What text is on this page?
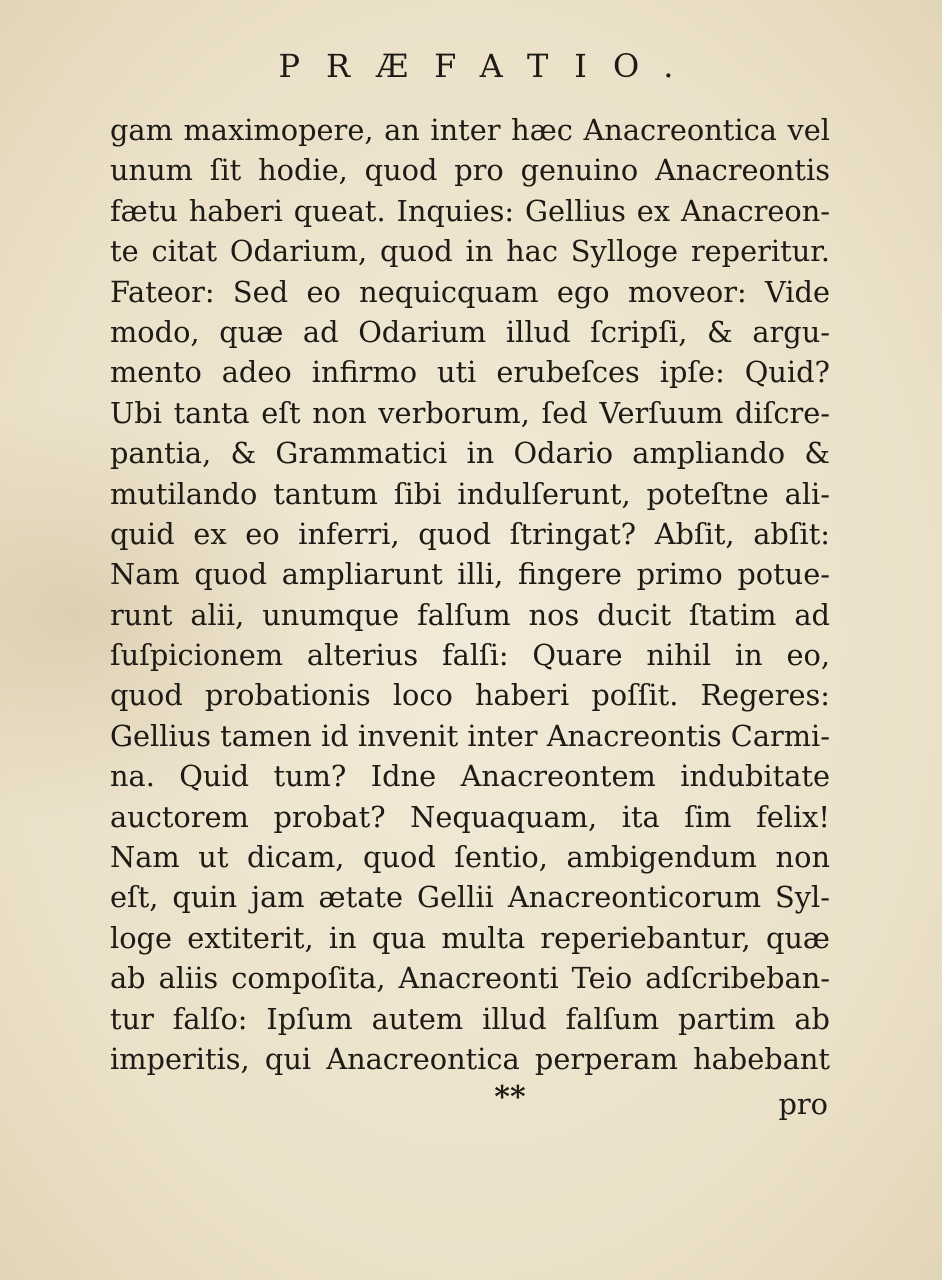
PRÆFATIO.
gam maximopere, an inter hæc Anacreontica vel
unum ſit hodie, quod pro genuino Anacreontis
fætu haberi queat. Inquies: Gellius ex Anacreon-
te citat Odarium, quod in hac Sylloge reperitur.
Fateor: Sed eo nequicquam ego moveor: Vide
modo, quæ ad Odarium illud ſcripſi, & argu-
mento adeo infirmo uti erubeſces ipſe: Quid?
Ubi tanta eſt non verborum, ſed Verſuum diſcre-
pantia, & Grammatici in Odario ampliando &
mutilando tantum ſibi indulſerunt, poteſtne ali-
quid ex eo inferri, quod ſtringat? Abſit, abſit:
Nam quod ampliarunt illi, fingere primo potue-
runt alii, unumque falſum nos ducit ſtatim ad
ſuſpicionem alterius falſi: Quare nihil in eo,
quod probationis loco haberi poſſit. Regeres:
Gellius tamen id invenit inter Anacreontis Carmi-
na. Quid tum? Idne Anacreontem indubitate
auctorem probat? Nequaquam, ita ſim felix!
Nam ut dicam, quod ſentio, ambigendum non
eſt, quin jam ætate Gellii Anacreonticorum Syl-
loge extiterit, in qua multa reperiebantur, quæ
ab aliis compoſita, Anacreonti Teio adſcribeban-
tur falſo: Ipſum autem illud falſum partim ab
imperitis, qui Anacreontica perperam habebant
**	pro
